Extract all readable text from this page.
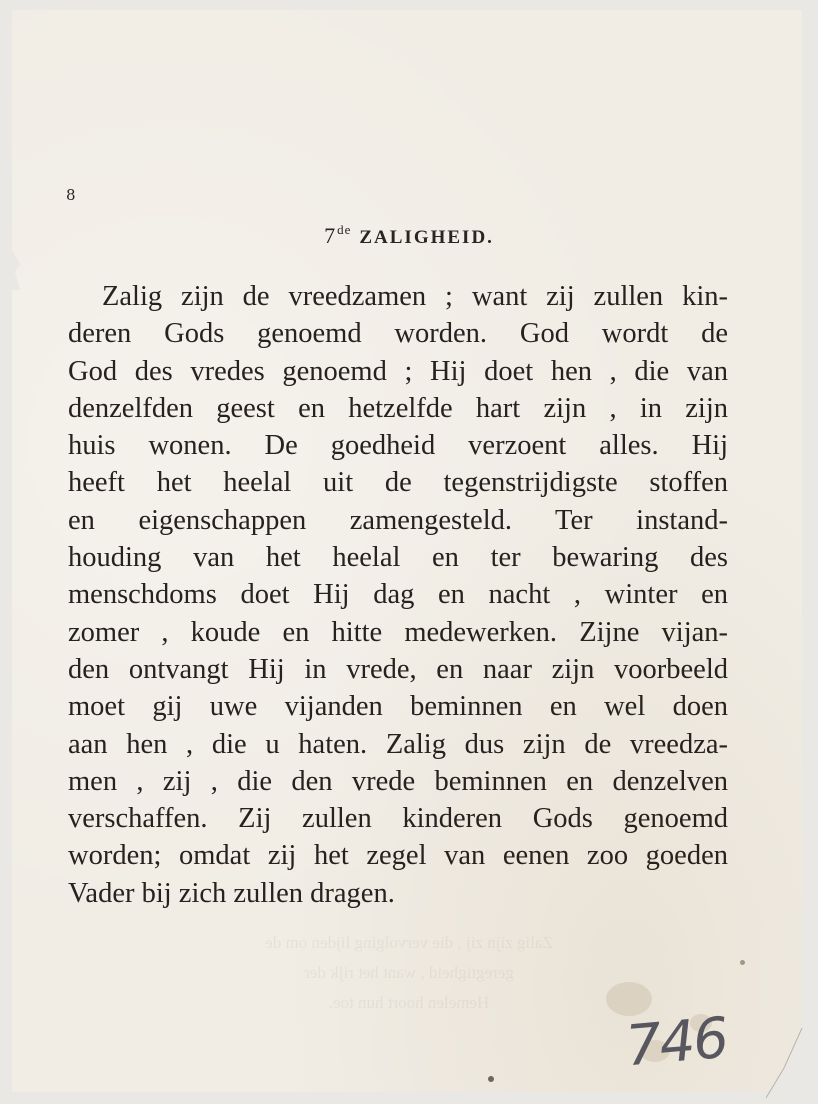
8
7de ZALIGHEID.
Zalig zijn de vreedzamen ; want zij zullen kin-
deren Gods genoemd worden. God wordt de
God des vredes genoemd ; Hij doet hen , die van
denzelfden geest en hetzelfde hart zijn , in zijn
huis wonen. De goedheid verzoent alles. Hij
heeft het heelal uit de tegenstrijdigste stoffen
en eigenschappen zamengesteld. Ter instand-
houding van het heelal en ter bewaring des
menschdoms doet Hij dag en nacht , winter en
zomer , koude en hitte medewerken. Zijne vijan-
den ontvangt Hij in vrede, en naar zijn voorbeeld
moet gij uwe vijanden beminnen en wel doen
aan hen , die u haten. Zalig dus zijn de vreedza-
men , zij , die den vrede beminnen en denzelven
verschaffen. Zij zullen kinderen Gods genoemd
worden; omdat zij het zegel van eenen zoo goeden
Vader bij zich zullen dragen.
Zalig zijn zij , die vervolging lijden om de
geregtigheid , want het rijk der
Hemelen hoort hun toe.
746
